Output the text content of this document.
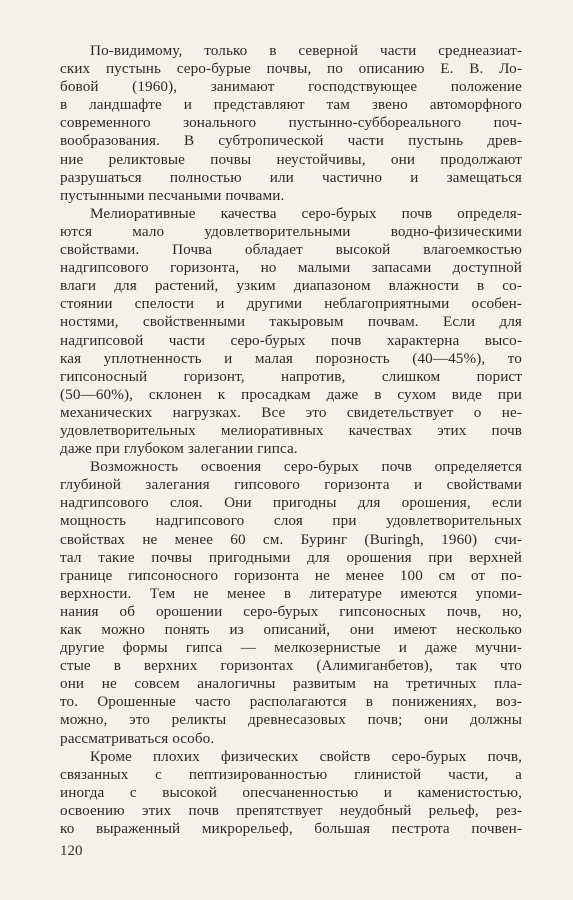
По-видимому, только в северной части среднеазиат-
ских пустынь серо-бурые почвы, по описанию Е. В. Ло-
бовой (1960), занимают господствующее положение
в ландшафте и представляют там звено автоморфного
современного зонального пустынно-суббореального поч-
вообразования. В субтропической части пустынь древ-
ние реликтовые почвы неустойчивы, они продолжают
разрушаться полностью или частично и замещаться
пустынными песчаными почвами.
Мелиоративные качества серо-бурых почв определя-
ются мало удовлетворительными водно-физическими
свойствами. Почва обладает высокой влагоемкостью
надгипсового горизонта, но малыми запасами доступной
влаги для растений, узким диапазоном влажности в со-
стоянии спелости и другими неблагоприятными особен-
ностями, свойственными такыровым почвам. Если для
надгипсовой части серо-бурых почв характерна высо-
кая уплотненность и малая порозность (40—45%), то
гипсоносный горизонт, напротив, слишком порист
(50—60%), склонен к просадкам даже в сухом виде при
механических нагрузках. Все это свидетельствует о не-
удовлетворительных мелиоративных качествах этих почв
даже при глубоком залегании гипса.
Возможность освоения серо-бурых почв определяется
глубиной залегания гипсового горизонта и свойствами
надгипсового слоя. Они пригодны для орошения, если
мощность надгипсового слоя при удовлетворительных
свойствах не менее 60 см. Буринг (Buringh, 1960) счи-
тал такие почвы пригодными для орошения при верхней
границе гипсоносного горизонта не менее 100 см от по-
верхности. Тем не менее в литературе имеются упоми-
нания об орошении серо-бурых гипсоносных почв, но,
как можно понять из описаний, они имеют несколько
другие формы гипса — мелкозернистые и даже мучни-
стые в верхних горизонтах (Алимиганбетов), так что
они не совсем аналогичны развитым на третичных пла-
то. Орошенные часто располагаются в понижениях, воз-
можно, это реликты древнесазовых почв; они должны
рассматриваться особо.
Кроме плохих физических свойств серо-бурых почв,
связанных с пептизированностью глинистой части, а
иногда с высокой опесчаненностью и каменистостью,
освоению этих почв препятствует неудобный рельеф, рез-
ко выраженный микрорельеф, большая пестрота почвен-
120
